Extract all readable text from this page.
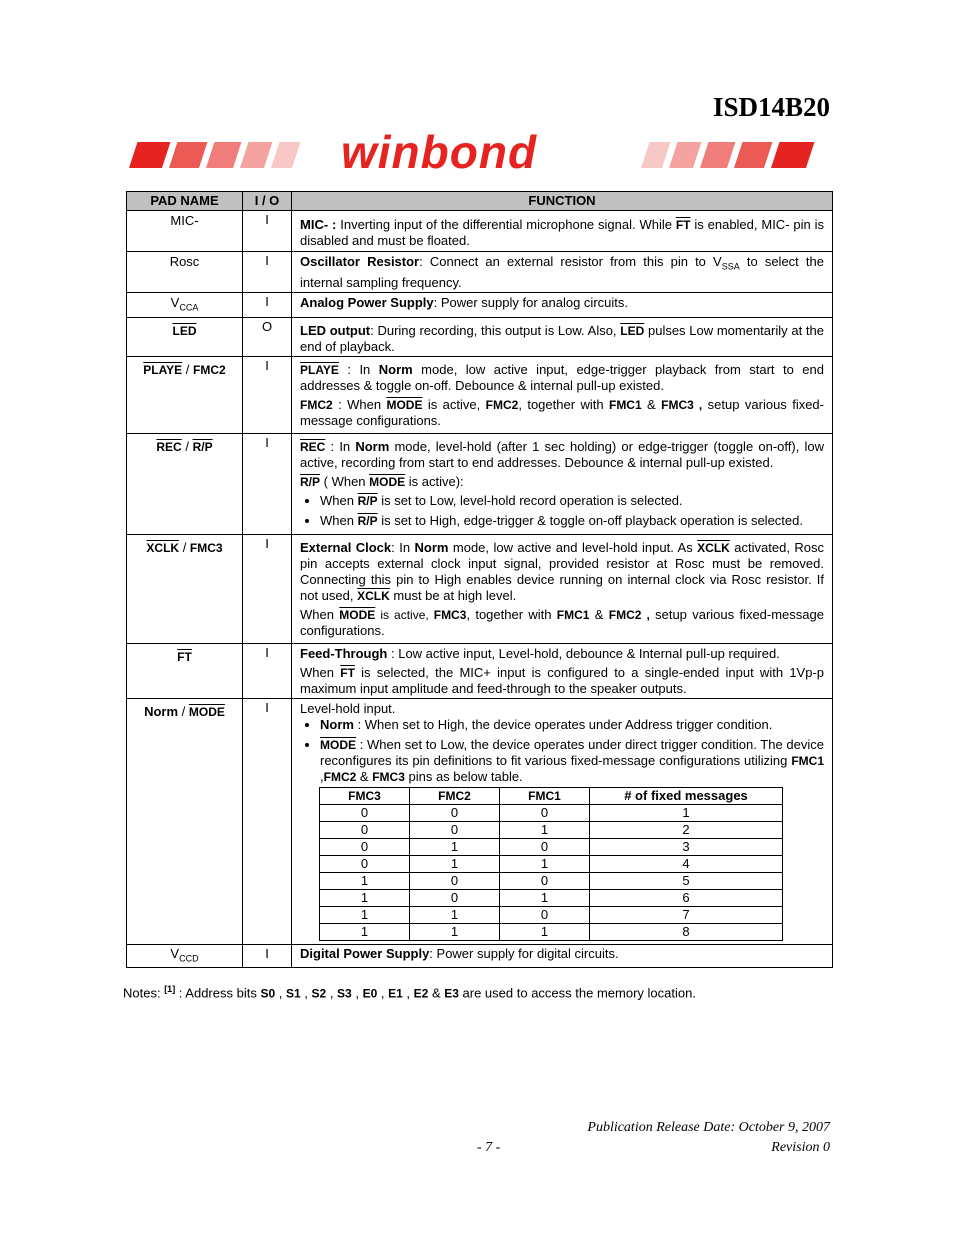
ISD14B20
winbond
PAD NAME	I / O	FUNCTION
MIC-	I	MIC- : Inverting input of the differential microphone signal. While $\overline{FT}$ is enabled, MIC- pin is disabled and must be floated.
Rosc	I	Oscillator Resistor: Connect an external resistor from this pin to $V_{SSA}$ to select the internal sampling frequency.
$V_{CCA}$	I	Analog Power Supply: Power supply for analog circuits.
$\overline{LED}$	O	LED output: During recording, this output is Low. Also, $\overline{LED}$ pulses Low momentarily at the end of playback.
PLAYE / FMC2	I	PLAYE : In Norm mode, low active input, edge-trigger playback from start to end addresses & toggle on-off. Debounce & internal pull-up existed.

FMC2 : When MODE is active, FMC2, together with FMC1 & FMC3 , setup various fixed-message configurations.

$\overline{REC} / R/P$	I	$\overline{REC}$ : In Norm mode, level-hold (after 1 sec holding) or edge-trigger (toggle on-off), low active, recording from start to end addresses. Debounce & internal pull-up existed.

R/P ( When MODE is active):

• When R/P is set to Low, level-hold record operation is selected.
• When R/P is set to High, edge-trigger & toggle on-off playback operation is selected.

XCLK / FMC3	I	External Clock: In Norm mode, low active and level-hold input. As XCLK activated, Rosc pin accepts external clock input signal, provided resistor at Rosc must be removed. Connecting this pin to High enables device running on internal clock via Rosc resistor. If not used, XCLK must be at high level.

When MODE is active, FMC3, together with FMC1 & FMC2 , setup various fixed-message configurations.

$\overline{FT}$	I	Feed-Through : Low active input, Level-hold, debounce & Internal pull-up required.

When $\overline{FT}$ is selected, the MIC+ input is configured to a single-ended input with 1Vp-p maximum input amplitude and feed-through to the speaker outputs.

Norm / MODE	I	Level-hold input.
• Norm : When set to High, the device operates under Address trigger condition.
• MODE : When set to Low, the device operates under direct trigger condition. The device reconfigures its pin definitions to fit various fixed-message configurations utilizing FMC1 ,FMC2 & FMC3 pins as below table.
FMC3	FMC2	FMC1	# of fixed messages
0	0	0	1
0	0	1	2
0	1	0	3
0	1	1	4
1	0	0	5
1	0	1	6
1	1	0	7
1	1	1	8

$V_{CCD}$	I	Digital Power Supply: Power supply for digital circuits.
Notes: [1] : Address bits S0 , S1 , S2 , S3 , E0 , E1 , E2 & E3 are used to access the memory location.
Publication Release Date: October 9, 2007
- 7 -	Revision 0
